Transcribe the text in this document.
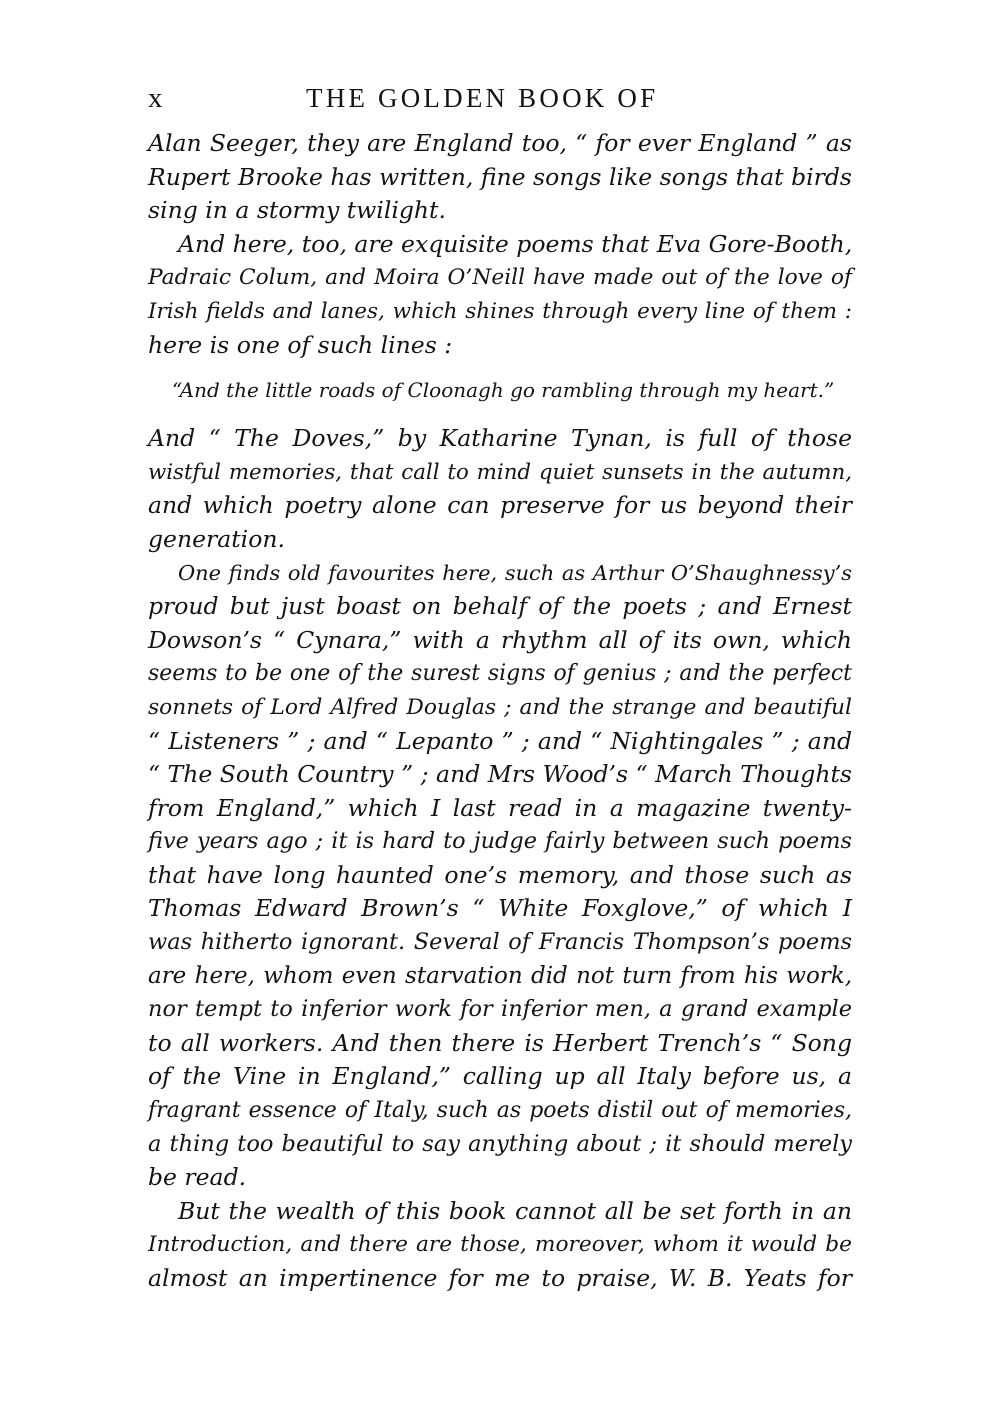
x	THE GOLDEN BOOK OF
Alan Seeger, they are England too, “ for ever England ” as
Rupert Brooke has written, fine songs like songs that birds
sing in a stormy twilight.
And here, too, are exquisite poems that Eva Gore-Booth,
Padraic Colum, and Moira O’Neill have made out of the love of
Irish fields and lanes, which shines through every line of them :
here is one of such lines :
“And the little roads of Cloonagh go rambling through my heart.”
And “ The Doves,” by Katharine Tynan, is full of those
wistful memories, that call to mind quiet sunsets in the autumn,
and which poetry alone can preserve for us beyond their
generation.
One finds old favourites here, such as Arthur O’Shaughnessy’s
proud but just boast on behalf of the poets ; and Ernest
Dowson’s “ Cynara,” with a rhythm all of its own, which
seems to be one of the surest signs of genius ; and the perfect
sonnets of Lord Alfred Douglas ; and the strange and beautiful
“ Listeners ” ; and “ Lepanto ” ; and “ Nightingales ” ; and
“ The South Country ” ; and Mrs Wood’s “ March Thoughts
from England,” which I last read in a magazine twenty-
five years ago ; it is hard to judge fairly between such poems
that have long haunted one’s memory, and those such as
Thomas Edward Brown’s “ White Foxglove,” of which I
was hitherto ignorant. Several of Francis Thompson’s poems
are here, whom even starvation did not turn from his work,
nor tempt to inferior work for inferior men, a grand example
to all workers. And then there is Herbert Trench’s “ Song
of the Vine in England,” calling up all Italy before us, a
fragrant essence of Italy, such as poets distil out of memories,
a thing too beautiful to say anything about ; it should merely
be read.
But the wealth of this book cannot all be set forth in an
Introduction, and there are those, moreover, whom it would be
almost an impertinence for me to praise, W. B. Yeats for
